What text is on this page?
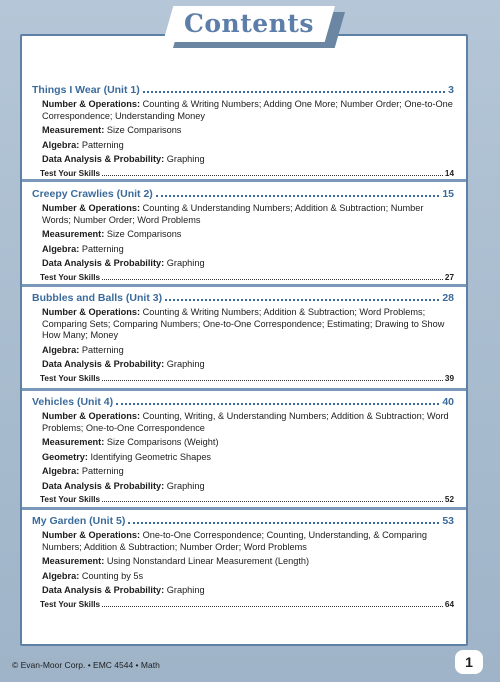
Things I Wear (Unit 1)	3
Number & Operations: Counting & Writing Numbers; Adding One More; Number Order; One-to-One Correspondence; Understanding Money
Measurement: Size Comparisons
Algebra: Patterning
Data Analysis & Probability: Graphing
Test Your Skills	14
Creepy Crawlies (Unit 2)	15
Number & Operations: Counting & Understanding Numbers; Addition & Subtraction; Number Words; Number Order; Word Problems
Measurement: Size Comparisons
Algebra: Patterning
Data Analysis & Probability: Graphing
Test Your Skills	27
Bubbles and Balls (Unit 3)	28
Number & Operations: Counting & Writing Numbers; Addition & Subtraction; Word Problems; Comparing Sets; Comparing Numbers; One-to-One Correspondence; Estimating; Drawing to Show How Many; Money
Algebra: Patterning
Data Analysis & Probability: Graphing
Test Your Skills	39
Vehicles (Unit 4)	40
Number & Operations: Counting, Writing, & Understanding Numbers; Addition & Subtraction; Word Problems; One-to-One Correspondence
Measurement: Size Comparisons (Weight)
Geometry: Identifying Geometric Shapes
Algebra: Patterning
Data Analysis & Probability: Graphing
Test Your Skills	52
My Garden (Unit 5)	53
Number & Operations: One-to-One Correspondence; Counting, Understanding, & Comparing Numbers; Addition & Subtraction; Number Order; Word Problems
Measurement: Using Nonstandard Linear Measurement (Length)
Algebra: Counting by 5s
Data Analysis & Probability: Graphing
Test Your Skills	64
Contents
© Evan-Moor Corp. • EMC 4544 • Math	1
